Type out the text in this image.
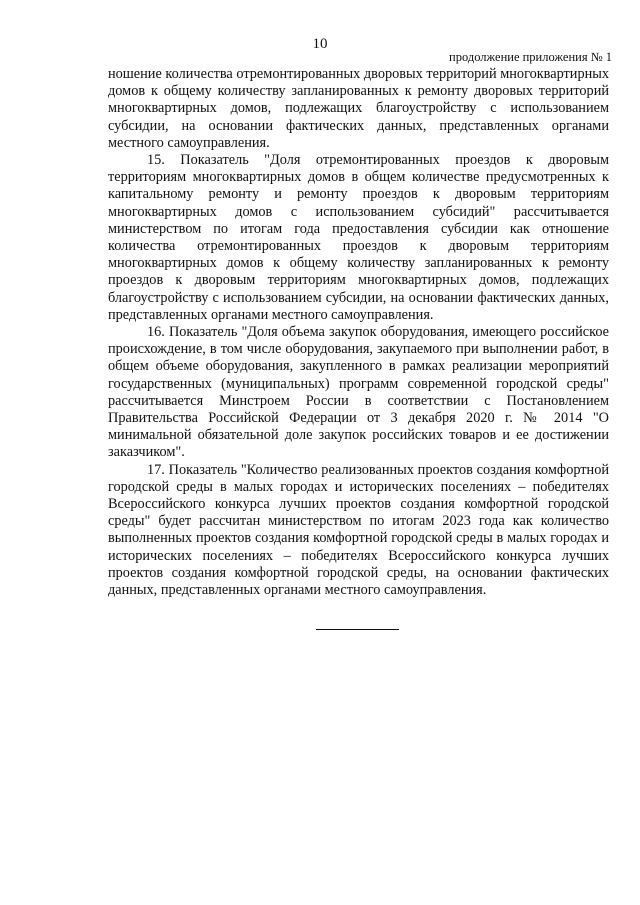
10
продолжение приложения № 1

ношение количества отремонтированных дворовых территорий многоквартирных домов к общему количеству запланированных к ремонту дворовых территорий многоквартирных домов, подлежащих благоустройству с использованием субсидии, на основании фактических данных, представленных органами местного самоуправления.

15. Показатель "Доля отремонтированных проездов к дворовым территориям многоквартирных домов в общем количестве предусмотренных к капитальному ремонту и ремонту проездов к дворовым территориям многоквартирных домов с использованием субсидий" рассчитывается министерством по итогам года предоставления субсидии как отношение количества отремонтированных проездов к дворовым территориям многоквартирных домов к общему количеству запланированных к ремонту проездов к дворовым территориям многоквартирных домов, подлежащих благоустройству с использованием субсидии, на основании фактических данных, представленных органами местного самоуправления.

16. Показатель "Доля объема закупок оборудования, имеющего российское происхождение, в том числе оборудования, закупаемого при выполнении работ, в общем объеме оборудования, закупленного в рамках реализации мероприятий государственных (муниципальных) программ современной городской среды" рассчитывается Минстроем России в соответствии с Постановлением Правительства Российской Федерации от 3 декабря 2020 г. № 2014 "О минимальной обязательной доле закупок российских товаров и ее достижении заказчиком".

17. Показатель "Количество реализованных проектов создания комфортной городской среды в малых городах и исторических поселениях – победителях Всероссийского конкурса лучших проектов создания комфортной городской среды" будет рассчитан министерством по итогам 2023 года как количество выполненных проектов создания комфортной городской среды в малых городах и исторических поселениях – победителях Всероссийского конкурса лучших проектов создания комфортной городской среды, на основании фактических данных, представленных органами местного самоуправления.
